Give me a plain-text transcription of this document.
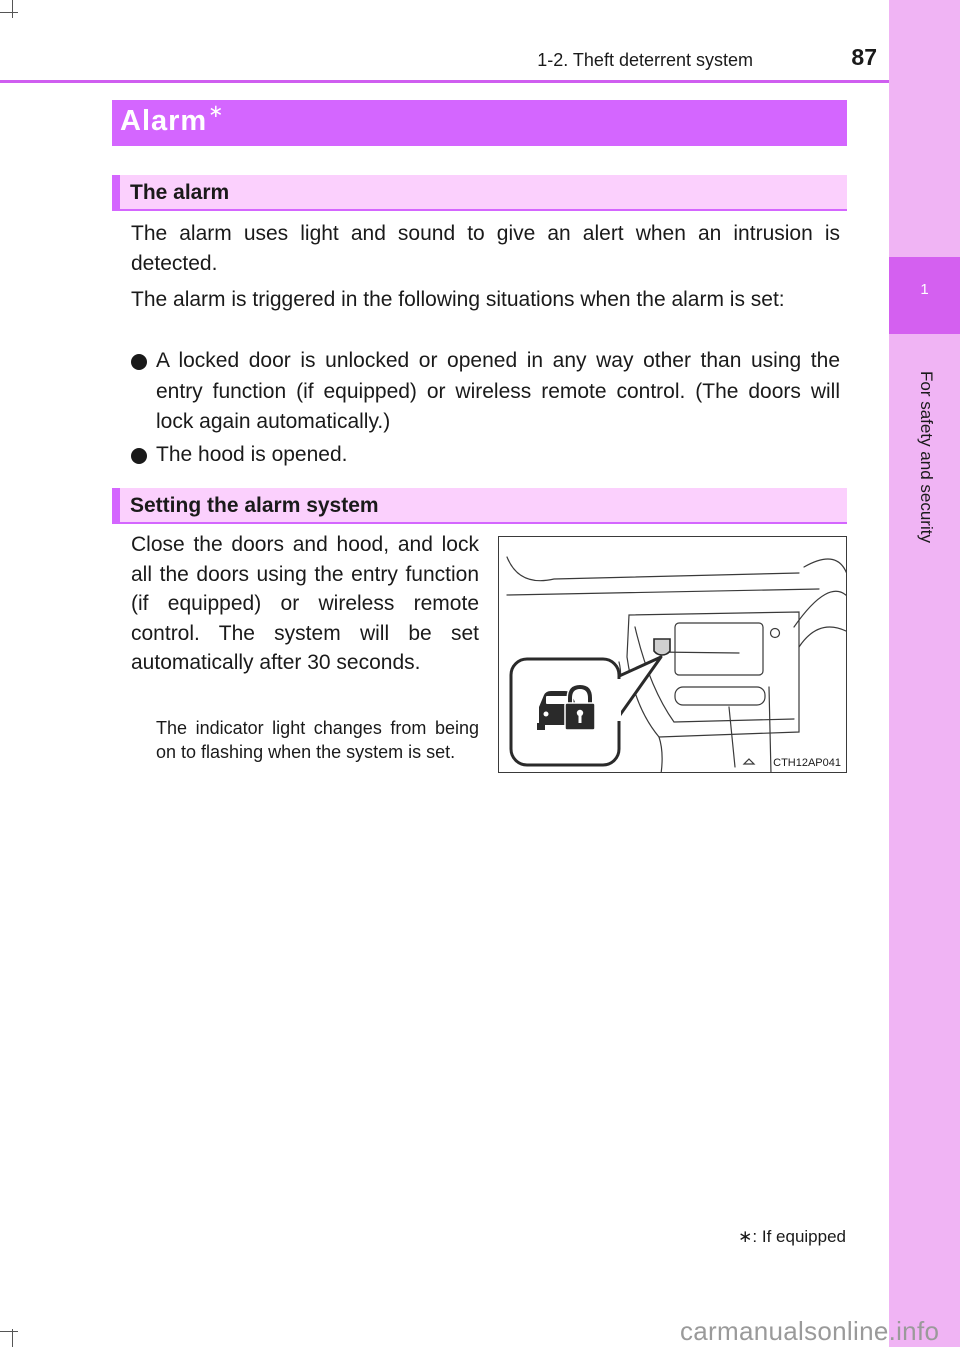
1
For safety and security
1-2. Theft deterrent system	87
Alarm∗
The alarm
The alarm uses light and sound to give an alert when an intrusion is detected.
The alarm is triggered in the following situations when the alarm is set:
A locked door is unlocked or opened in any way other than using the entry function (if equipped) or wireless remote control. (The doors will lock again automatically.)
The hood is opened.
Setting the alarm system
Close the doors and hood, and lock all the doors using the entry function (if equipped) or wireless remote control. The system will be set automatically after 30 seconds.
The indicator light changes from being on to flashing when the system is set.
CTH12AP041
∗: If equipped
carmanualsonline.info
